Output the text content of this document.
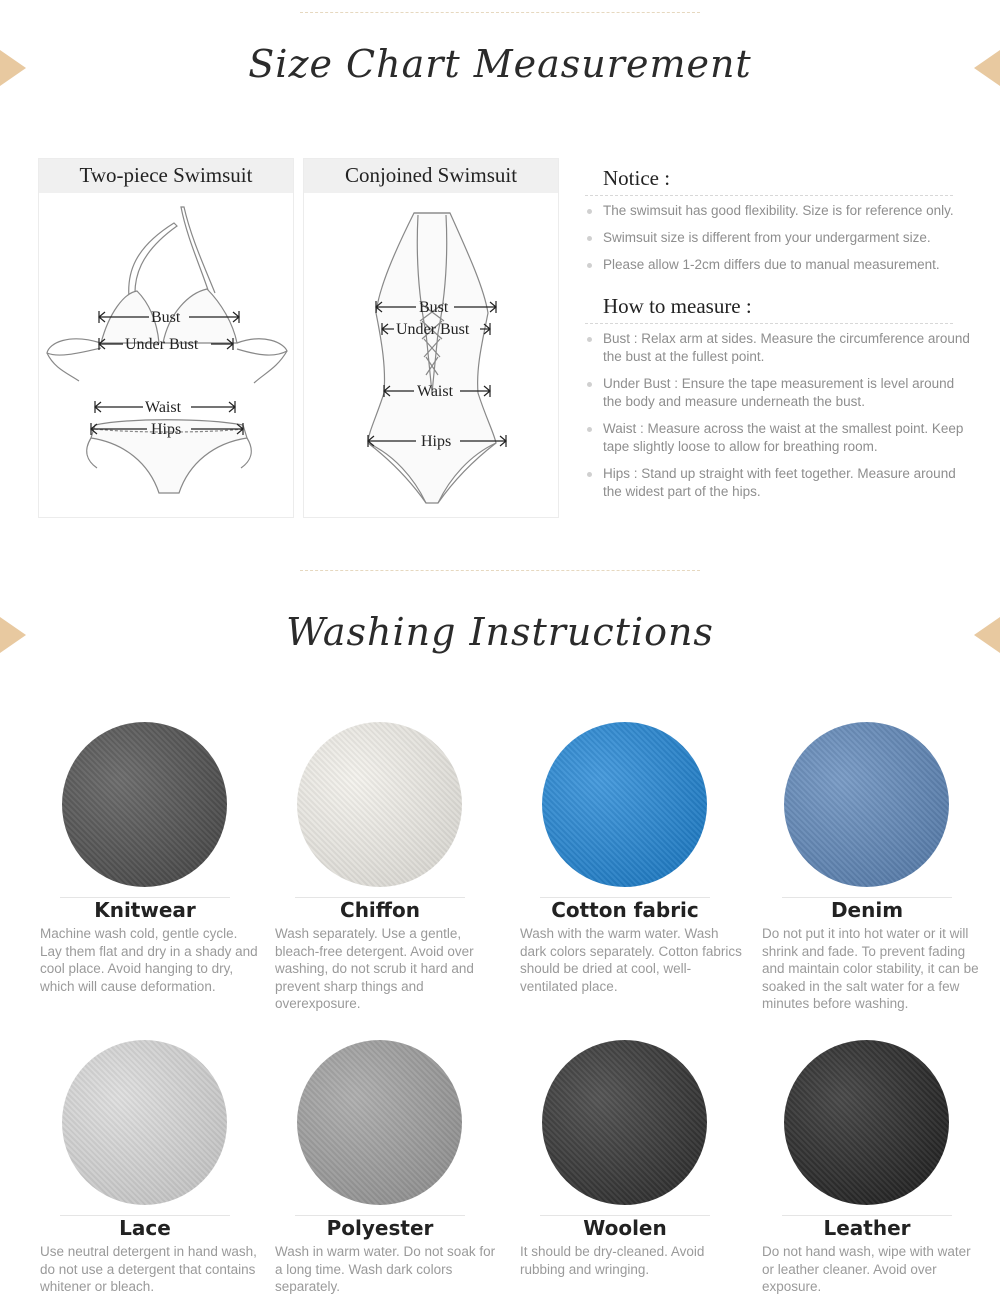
Size Chart Measurement
Two-piece Swimsuit
Bust
Under Bust
Waist
Hips
Conjoined Swimsuit
Bust
Under Bust
Waist
Hips
Notice :
The swimsuit has good flexibility. Size is for reference only.
Swimsuit size is different from your undergarment size.
Please allow 1-2cm differs due to manual measurement.
How to measure :
Bust : Relax arm at sides. Measure the circumference around the bust at the fullest point.
Under Bust : Ensure the tape measurement is level around the body and measure underneath the bust.
Waist : Measure across the waist at the smallest point. Keep tape slightly loose to allow for breathing room.
Hips : Stand up straight with feet together. Measure around the widest part of the hips.
Washing Instructions
Knitwear
Machine wash cold, gentle cycle. Lay them flat and dry in a shady and cool place. Avoid hanging to dry, which will cause deformation.
Chiffon
Wash separately. Use a gentle, bleach-free detergent. Avoid over washing, do not scrub it hard and prevent sharp things and overexposure.
Cotton fabric
Wash with the warm water. Wash dark colors separately. Cotton fabrics should be dried at cool, well-ventilated place.
Denim
Do not put it into hot water or it will shrink and fade. To prevent fading and maintain color stability, it can be soaked in the salt water for a few minutes before washing.
Lace
Use neutral detergent in hand wash, do not use a detergent that contains whitener or bleach.
Polyester
Wash in warm water. Do not soak for a long time. Wash dark colors separately.
Woolen
It should be dry-cleaned. Avoid rubbing and wringing.
Leather
Do not hand wash, wipe with water or leather cleaner. Avoid over exposure.
